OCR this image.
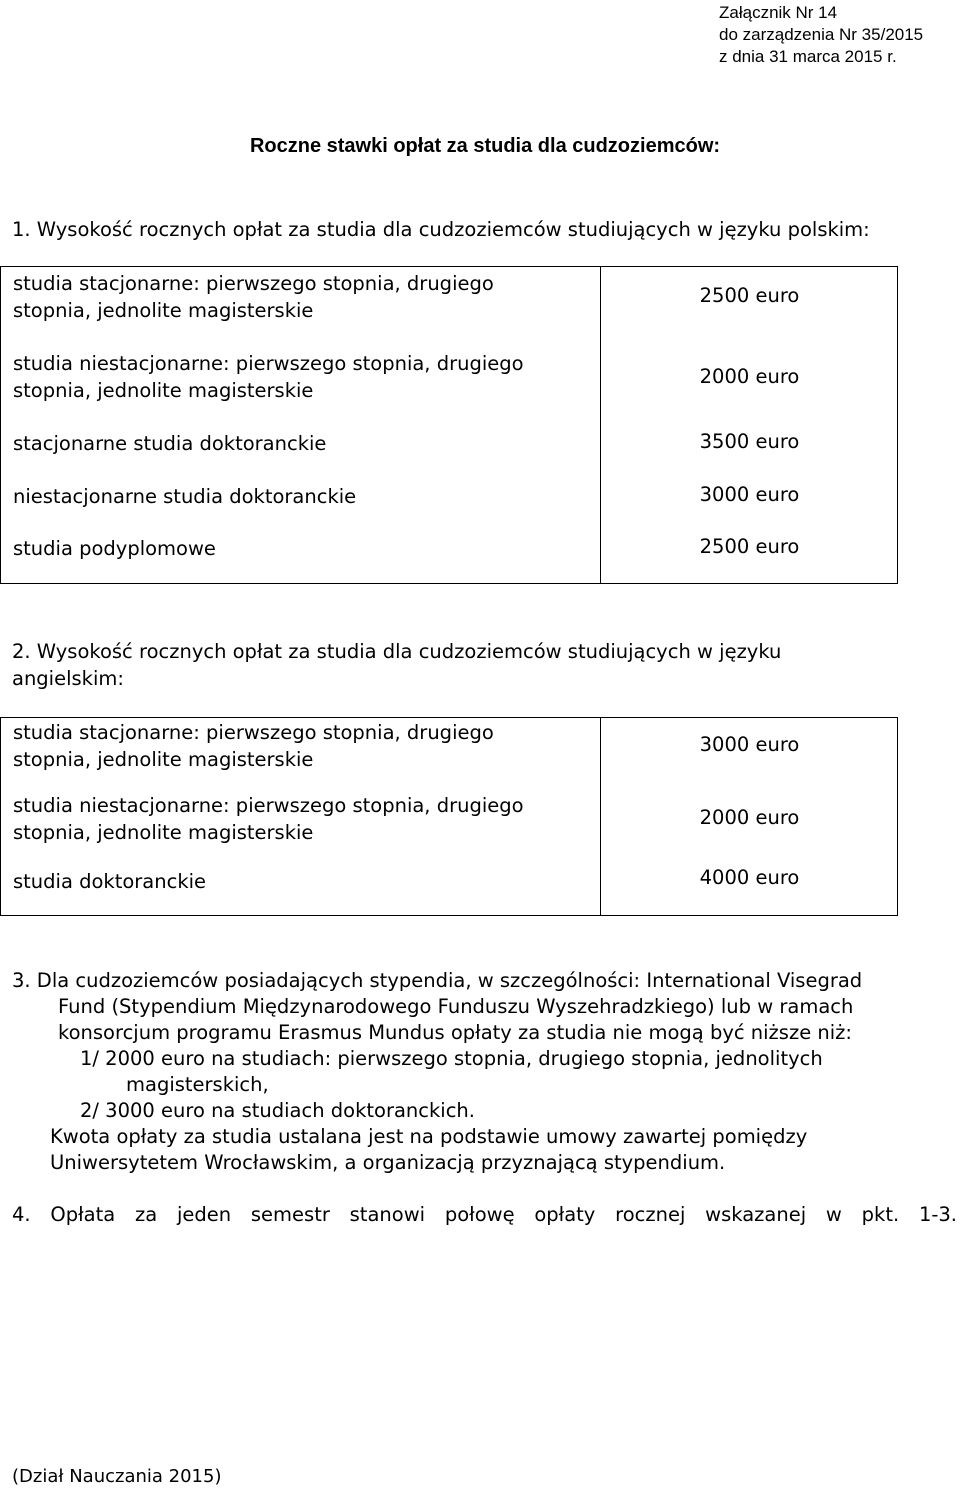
Załącznik Nr 14
do zarządzenia Nr 35/2015
z dnia 31 marca 2015 r.
Roczne stawki opłat za studia dla cudzoziemców:
1. Wysokość rocznych opłat za studia dla cudzoziemców studiujących w języku polskim:
studia stacjonarne: pierwszego stopnia, drugiego
stopnia, jednolite magisterskie
2500 euro
studia niestacjonarne: pierwszego stopnia, drugiego
stopnia, jednolite magisterskie
2000 euro
stacjonarne studia doktoranckie	3500 euro
niestacjonarne studia doktoranckie	3000 euro
studia podyplomowe	2500 euro
2. Wysokość rocznych opłat za studia dla cudzoziemców studiujących w języku
angielskim:
studia stacjonarne: pierwszego stopnia, drugiego
stopnia, jednolite magisterskie
3000 euro
studia niestacjonarne: pierwszego stopnia, drugiego
stopnia, jednolite magisterskie
2000 euro
studia doktoranckie	4000 euro
3. Dla cudzoziemców posiadających stypendia, w szczególności: International Visegrad
Fund (Stypendium Międzynarodowego Funduszu Wyszehradzkiego) lub w ramach
konsorcjum programu Erasmus Mundus opłaty za studia nie mogą być niższe niż:
1/ 2000 euro na studiach: pierwszego stopnia, drugiego stopnia, jednolitych
magisterskich,
2/ 3000 euro na studiach doktoranckich.
Kwota opłaty za studia ustalana jest na podstawie umowy zawartej pomiędzy
Uniwersytetem Wrocławskim, a organizacją przyznającą stypendium.
4. Opłata za jeden semestr stanowi połowę opłaty rocznej wskazanej w pkt. 1-3.
(Dział Nauczania 2015)
